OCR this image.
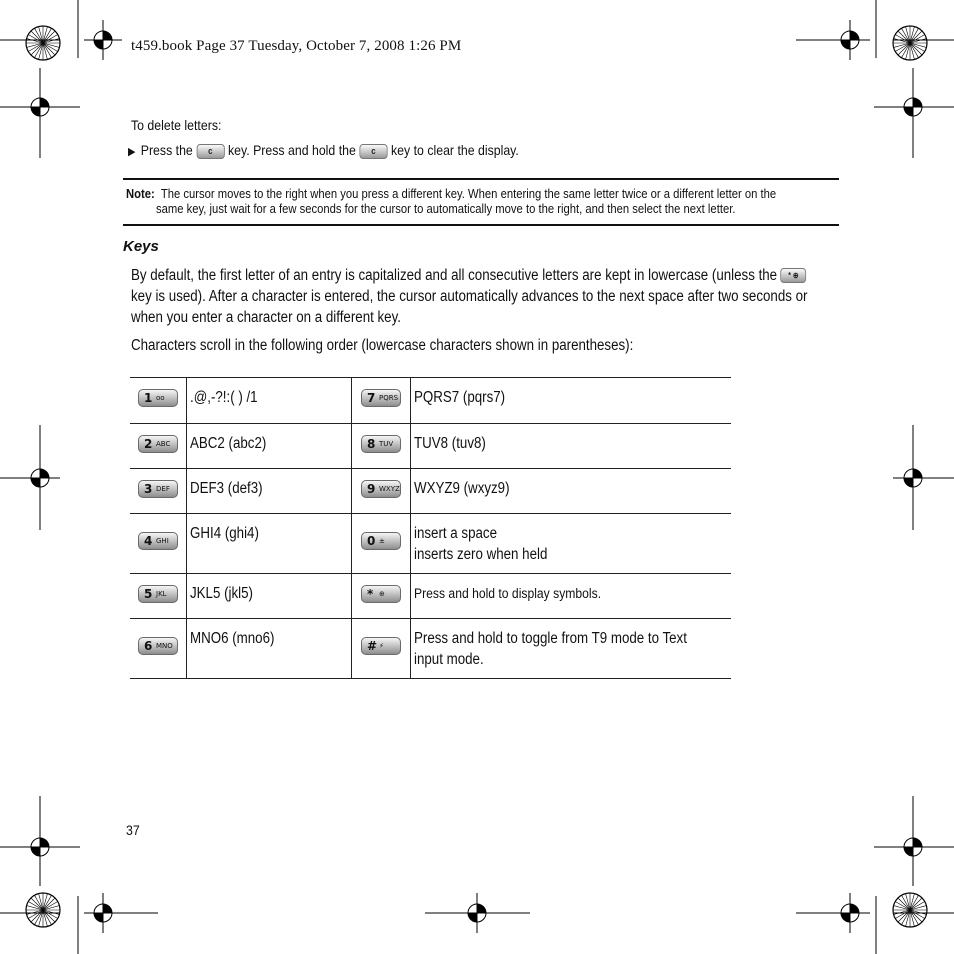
t459.book Page 37 Tuesday, October 7, 2008 1:26 PM
To delete letters:
▶ Press the c key. Press and hold the c key to clear the display.
Note: The cursor moves to the right when you press a different key. When entering the same letter twice or a different letter on the
same key, just wait for a few seconds for the cursor to automatically move to the right, and then select the next letter.
Keys
By default, the first letter of an entry is capitalized and all consecutive letters are kept in lowercase (unless the * ⊕
key is used). After a character is entered, the cursor automatically advances to the next space after two seconds or
when you enter a character on a different key.
Characters scroll in the following order (lowercase characters shown in parentheses):
1 oo	.@,-?!:( ) /1	7 PQRS	PQRS7 (pqrs7)

2 ABC	ABC2 (abc2)	8 TUV	TUV8 (tuv8)

3 DEF	DEF3 (def3)	9 WXYZ	WXYZ9 (wxyz9)

4 GHI	GHI4 (ghi4)	0 ±	insert a space
inserts zero when held

5 JKL	JKL5 (jkl5)	* ⊕	Press and hold to display symbols.

6 MNO	MNO6 (mno6)	# ⚡	Press and hold to toggle from T9 mode to Text
input mode.
37
